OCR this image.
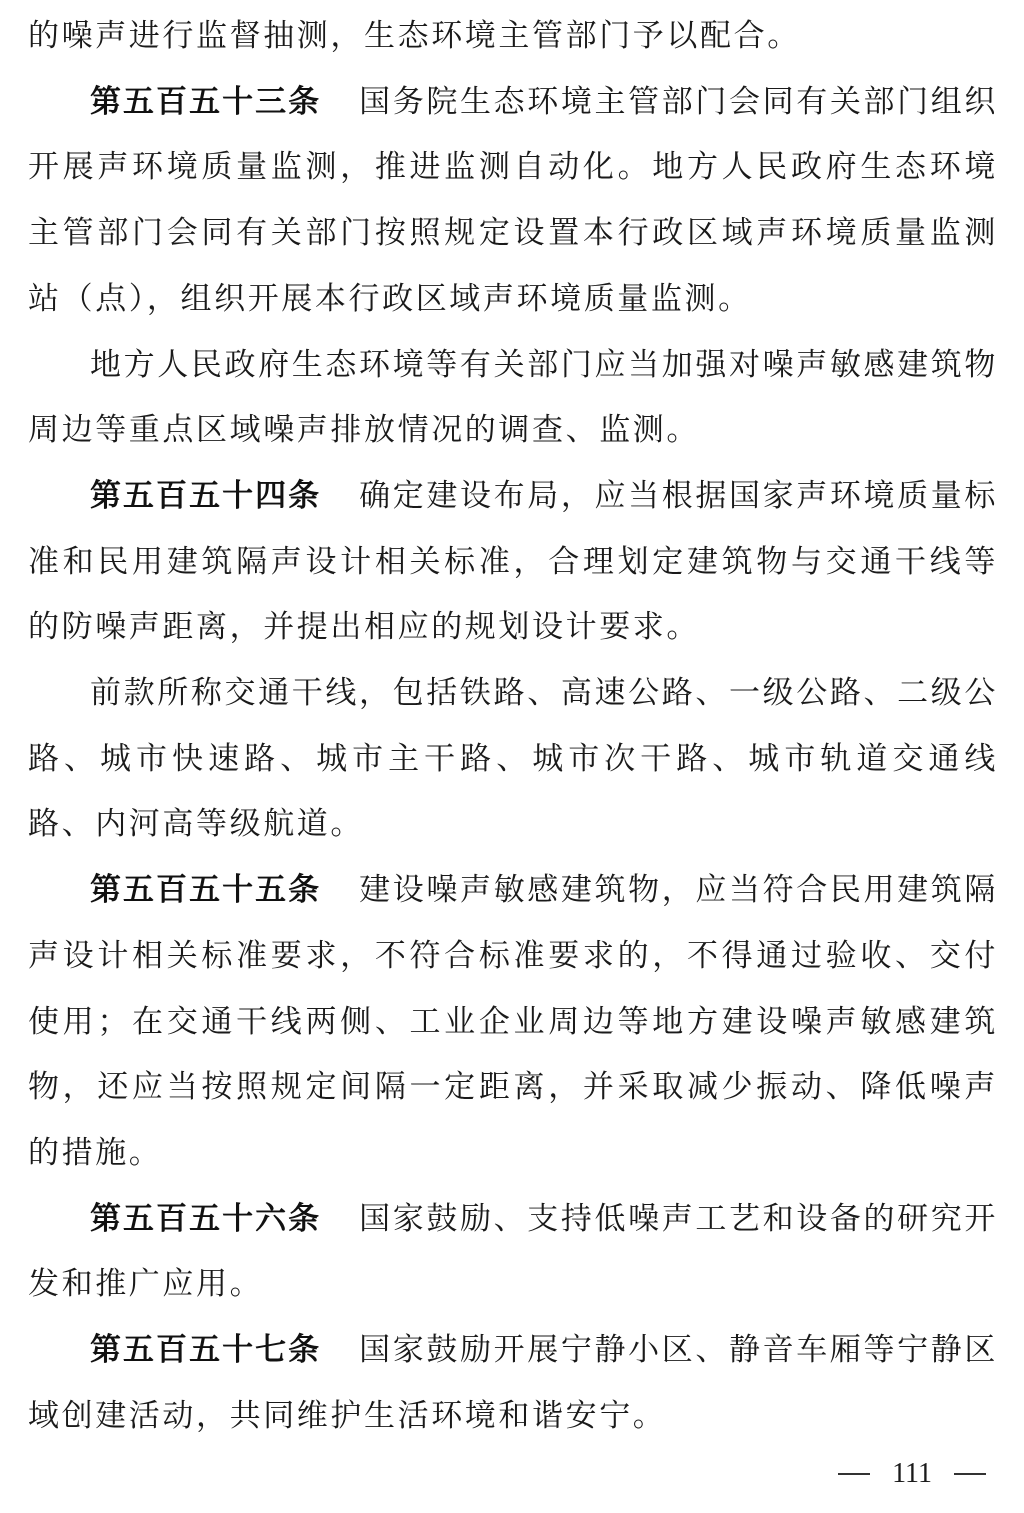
的噪声进行监督抽测，生态环境主管部门予以配合。

第五百五十三条 国务院生态环境主管部门会同有关部门组织开展声环境质量监测，推进监测自动化。地方人民政府生态环境主管部门会同有关部门按照规定设置本行政区域声环境质量监测站（点），组织开展本行政区域声环境质量监测。

地方人民政府生态环境等有关部门应当加强对噪声敏感建筑物周边等重点区域噪声排放情况的调查、监测。

第五百五十四条 确定建设布局，应当根据国家声环境质量标准和民用建筑隔声设计相关标准，合理划定建筑物与交通干线等的防噪声距离，并提出相应的规划设计要求。

前款所称交通干线，包括铁路、高速公路、一级公路、二级公路、城市快速路、城市主干路、城市次干路、城市轨道交通线路、内河高等级航道。

第五百五十五条 建设噪声敏感建筑物，应当符合民用建筑隔声设计相关标准要求，不符合标准要求的，不得通过验收、交付使用；在交通干线两侧、工业企业周边等地方建设噪声敏感建筑物，还应当按照规定间隔一定距离，并采取减少振动、降低噪声的措施。

第五百五十六条 国家鼓励、支持低噪声工艺和设备的研究开发和推广应用。

第五百五十七条 国家鼓励开展宁静小区、静音车厢等宁静区域创建活动，共同维护生活环境和谐安宁。

111
